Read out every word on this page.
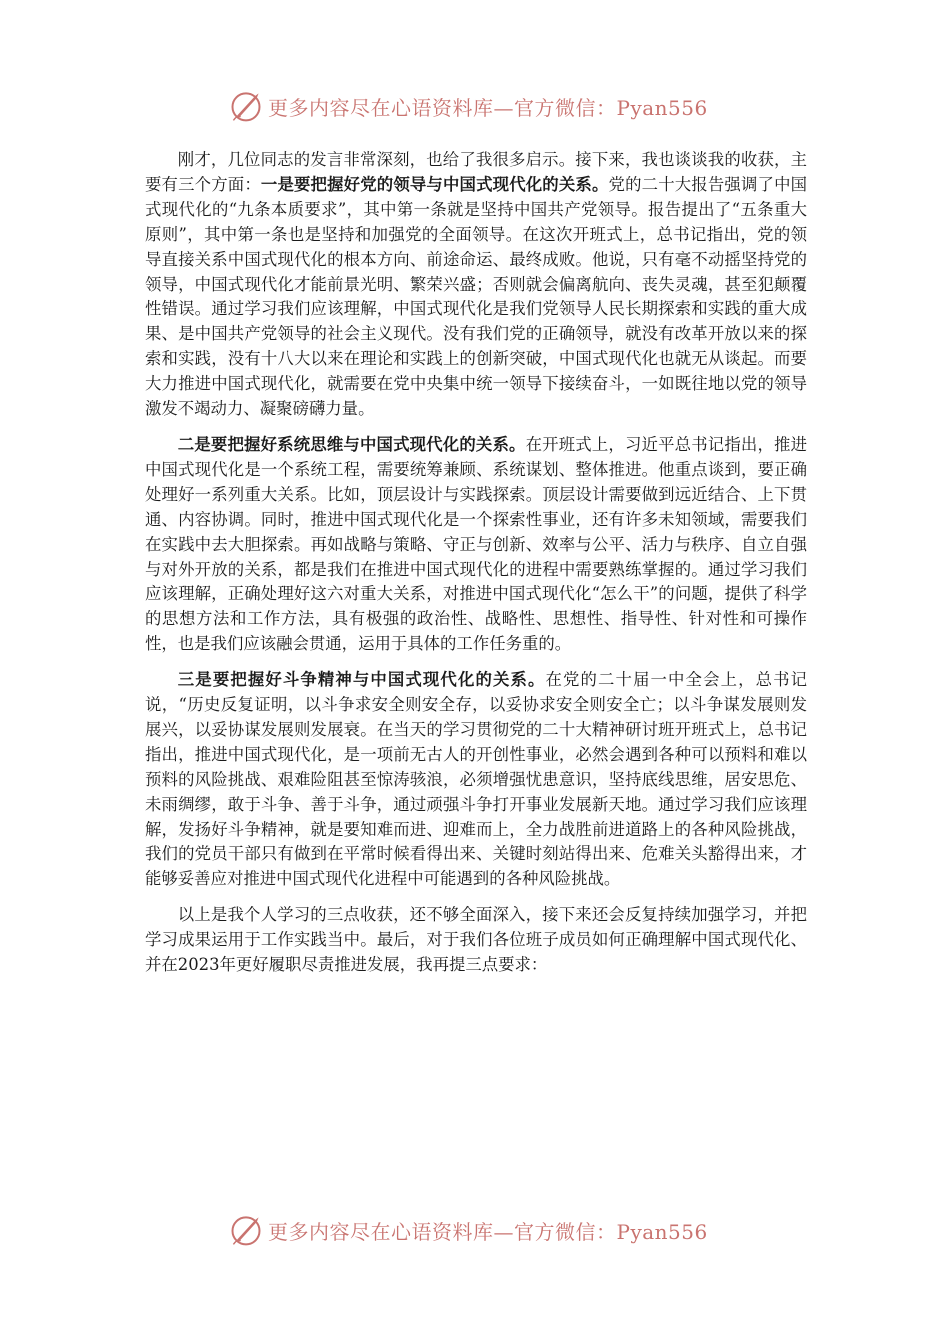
更多内容尽在心语资料库—官方微信：Pyan556

刚才，几位同志的发言非常深刻，也给了我很多启示。接下来，我也谈谈我的收获，主要有三个方面：一是要把握好党的领导与中国式现代化的关系。党的二十大报告强调了中国式现代化的“九条本质要求”，其中第一条就是坚持中国共产党领导。报告提出了“五条重大原则”，其中第一条也是坚持和加强党的全面领导。在这次开班式上，总书记指出，党的领导直接关系中国式现代化的根本方向、前途命运、最终成败。他说，只有毫不动摇坚持党的领导，中国式现代化才能前景光明、繁荣兴盛；否则就会偏离航向、丧失灵魂，甚至犯颠覆性错误。通过学习我们应该理解，中国式现代化是我们党领导人民长期探索和实践的重大成果、是中国共产党领导的社会主义现代。没有我们党的正确领导，就没有改革开放以来的探索和实践，没有十八大以来在理论和实践上的创新突破，中国式现代化也就无从谈起。而要大力推进中国式现代化，就需要在党中央集中统一领导下接续奋斗，一如既往地以党的领导激发不竭动力、凝聚磅礴力量。

二是要把握好系统思维与中国式现代化的关系。在开班式上，习近平总书记指出，推进中国式现代化是一个系统工程，需要统筹兼顾、系统谋划、整体推进。他重点谈到，要正确处理好一系列重大关系。比如，顶层设计与实践探索。顶层设计需要做到远近结合、上下贯通、内容协调。同时，推进中国式现代化是一个探索性事业，还有许多未知领域，需要我们在实践中去大胆探索。再如战略与策略、守正与创新、效率与公平、活力与秩序、自立自强与对外开放的关系，都是我们在推进中国式现代化的进程中需要熟练掌握的。通过学习我们应该理解，正确处理好这六对重大关系，对推进中国式现代化“怎么干”的问题，提供了科学的思想方法和工作方法，具有极强的政治性、战略性、思想性、指导性、针对性和可操作性，也是我们应该融会贯通，运用于具体的工作任务重的。

三是要把握好斗争精神与中国式现代化的关系。在党的二十届一中全会上，总书记说，“历史反复证明，以斗争求安全则安全存，以妥协求安全则安全亡；以斗争谋发展则发展兴，以妥协谋发展则发展衰。在当天的学习贯彻党的二十大精神研讨班开班式上，总书记指出，推进中国式现代化，是一项前无古人的开创性事业，必然会遇到各种可以预料和难以预料的风险挑战、艰难险阻甚至惊涛骇浪，必须增强忧患意识，坚持底线思维，居安思危、未雨绸缪，敢于斗争、善于斗争，通过顽强斗争打开事业发展新天地。通过学习我们应该理解，发扬好斗争精神，就是要知难而进、迎难而上，全力战胜前进道路上的各种风险挑战，我们的党员干部只有做到在平常时候看得出来、关键时刻站得出来、危难关头豁得出来，才能够妥善应对推进中国式现代化进程中可能遇到的各种风险挑战。

以上是我个人学习的三点收获，还不够全面深入，接下来还会反复持续加强学习，并把学习成果运用于工作实践当中。最后，对于我们各位班子成员如何正确理解中国式现代化、并在2023年更好履职尽责推进发展，我再提三点要求：

更多内容尽在心语资料库—官方微信：Pyan556
